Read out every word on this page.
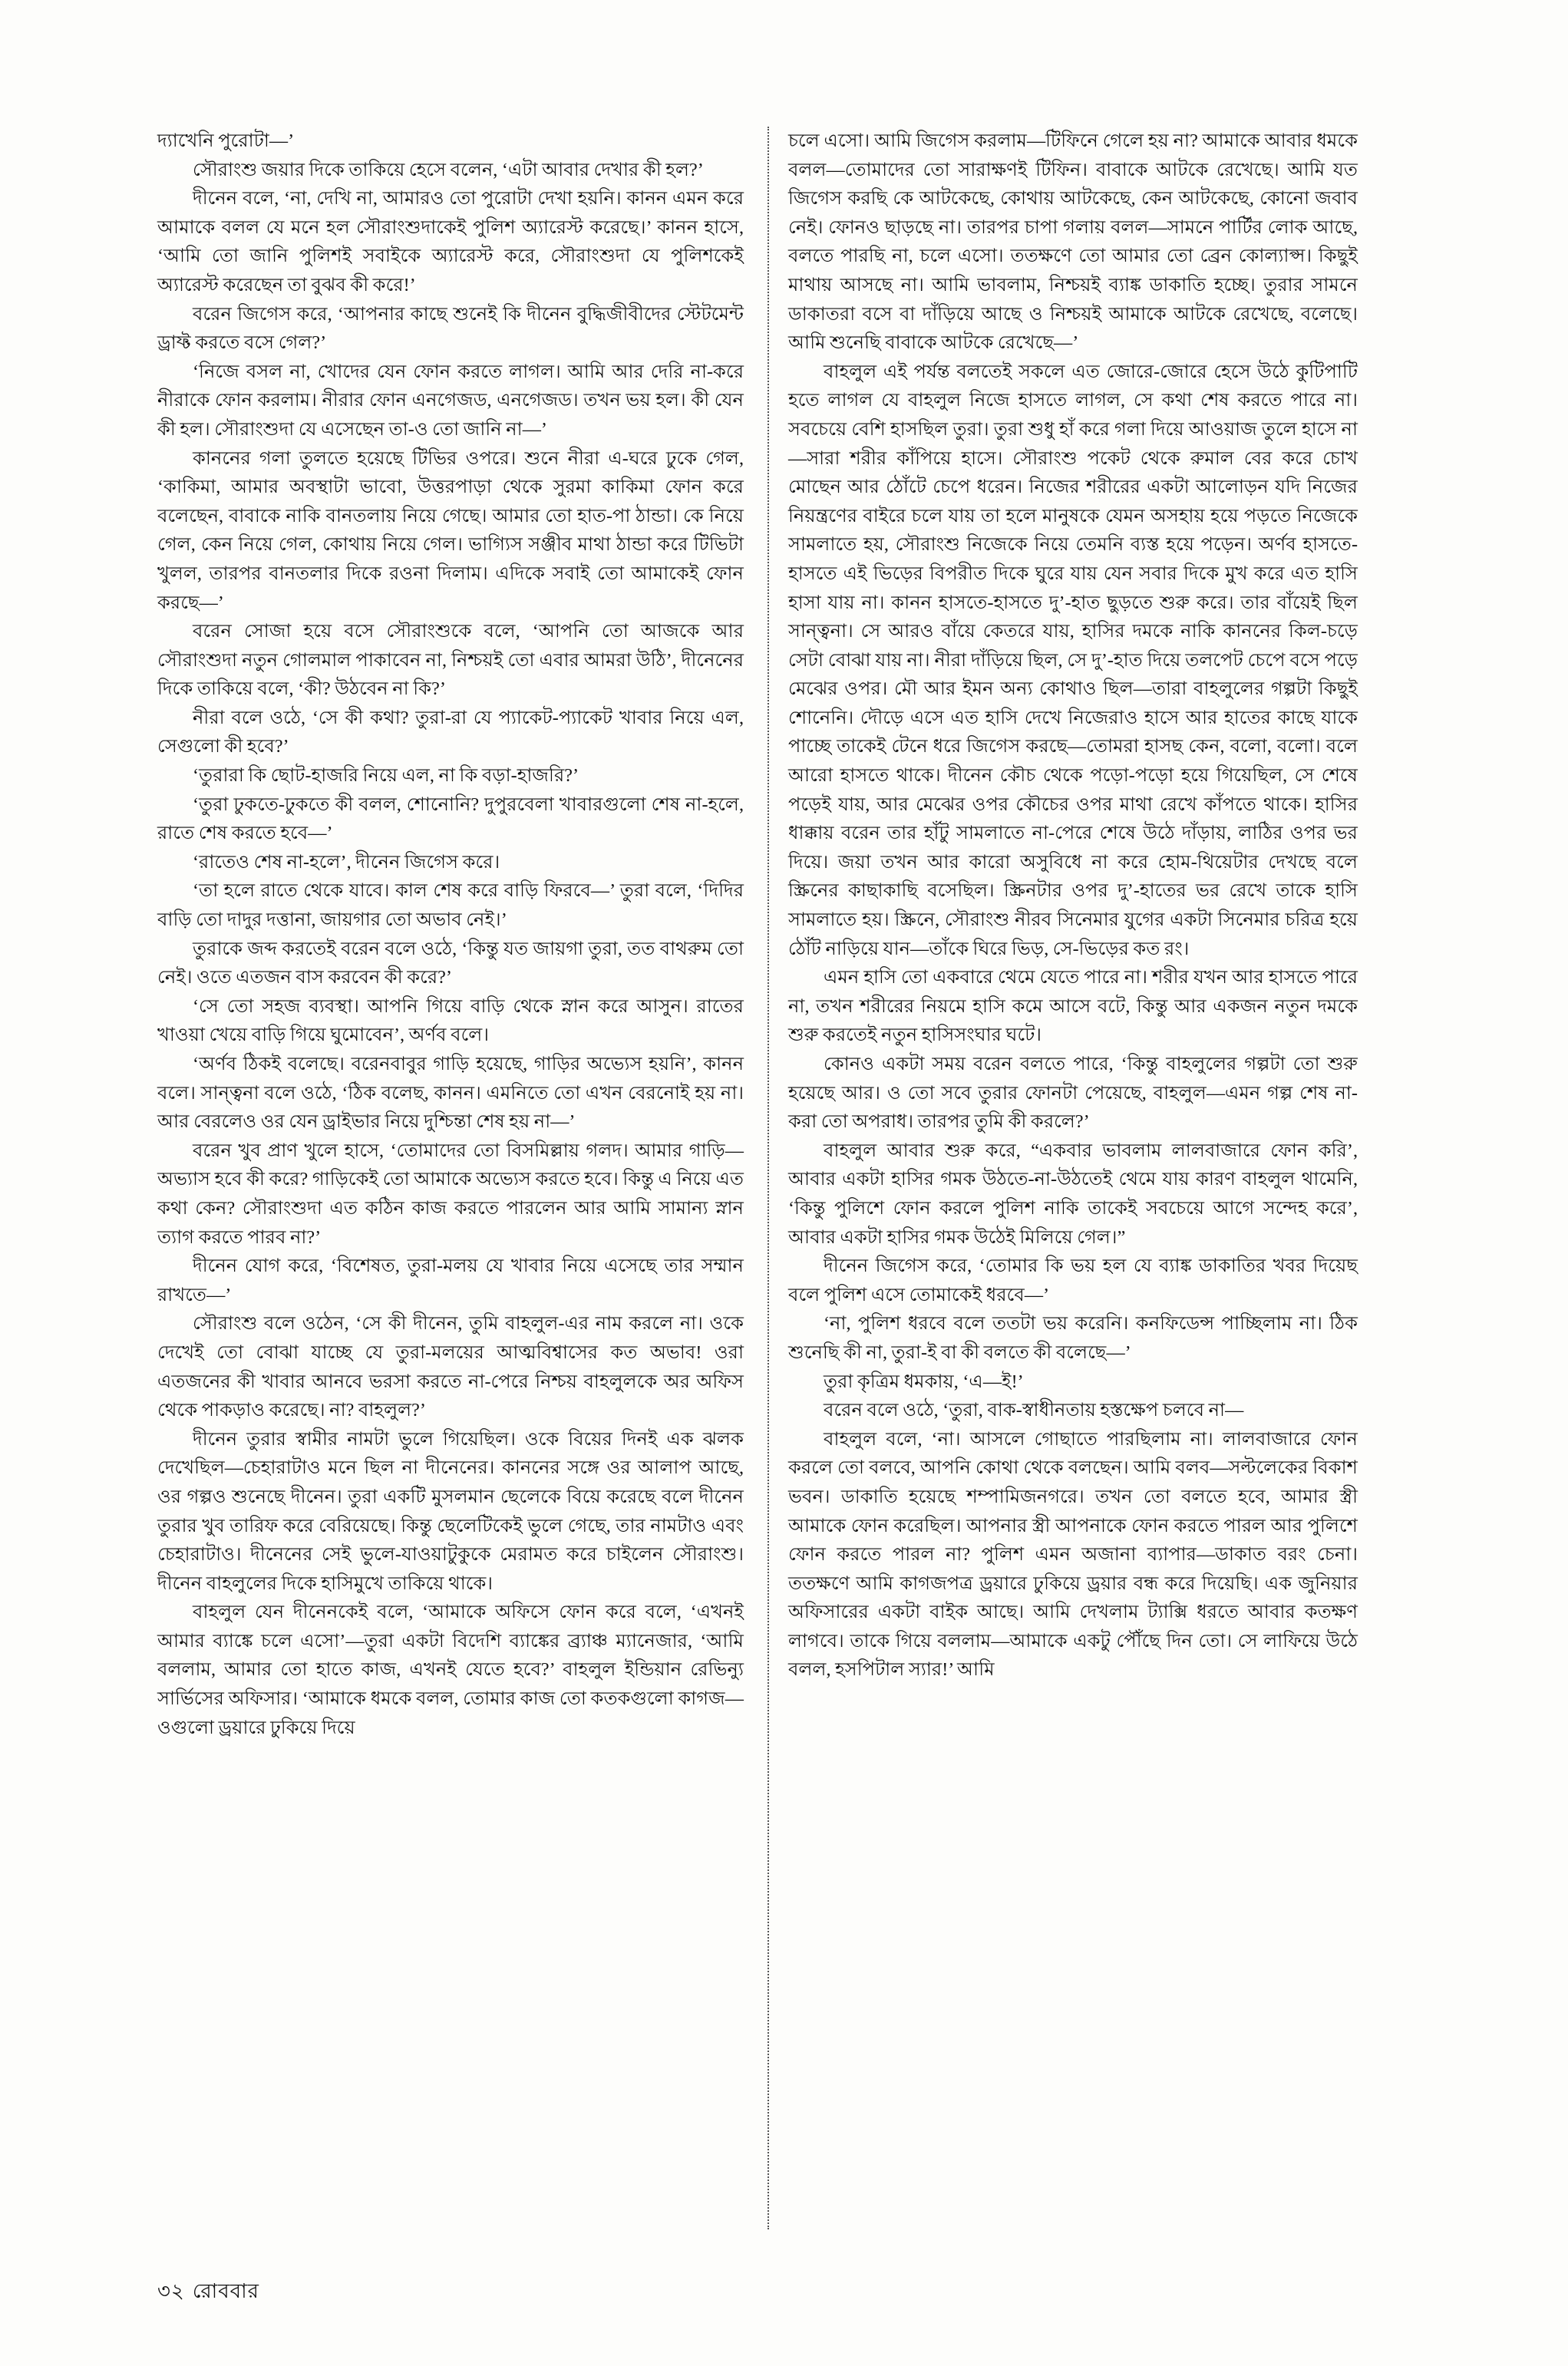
দ্যাখেনি পুরোটা—’

সৌরাংশু জয়ার দিকে তাকিয়ে হেসে বলেন, ‘এটা আবার দেখার কী হল?’

দীনেন বলে, ‘না, দেখি না, আমারও তো পুরোটা দেখা হয়নি। কানন এমন করে আমাকে বলল যে মনে হল সৌরাংশুদাকেই পুলিশ অ্যারেস্ট করেছে।’ কানন হাসে, ‘আমি তো জানি পুলিশই সবাইকে অ্যারেস্ট করে, সৌরাংশুদা যে পুলিশকেই অ্যারেস্ট করেছেন তা বুঝব কী করে!’

বরেন জিগেস করে, ‘আপনার কাছে শুনেই কি দীনেন বুদ্ধিজীবীদের স্টেটমেন্ট ড্রাফ্ট করতে বসে গেল?’

‘নিজে বসল না, খোদের যেন ফোন করতে লাগল। আমি আর দেরি না-করে নীরাকে ফোন করলাম। নীরার ফোন এনগেজড, এনগেজড। তখন ভয় হল। কী যেন কী হল। সৌরাংশুদা যে এসেছেন তা-ও তো জানি না—’

কাননের গলা তুলতে হয়েছে টিভির ওপরে। শুনে নীরা এ-ঘরে ঢুকে গেল, ‘কাকিমা, আমার অবস্থাটা ভাবো, উত্তরপাড়া থেকে সুরমা কাকিমা ফোন করে বলেছেন, বাবাকে নাকি বানতলায় নিয়ে গেছে। আমার তো হাত-পা ঠান্ডা। কে নিয়ে গেল, কেন নিয়ে গেল, কোথায় নিয়ে গেল। ভাগ্যিস সঞ্জীব মাথা ঠান্ডা করে টিভিটা খুলল, তারপর বানতলার দিকে রওনা দিলাম। এদিকে সবাই তো আমাকেই ফোন করছে—’

বরেন সোজা হয়ে বসে সৌরাংশুকে বলে, ‘আপনি তো আজকে আর সৌরাংশুদা নতুন গোলমাল পাকাবেন না, নিশ্চয়ই তো এবার আমরা উঠি’, দীনেনের দিকে তাকিয়ে বলে, ‘কী? উঠবেন না কি?’

নীরা বলে ওঠে, ‘সে কী কথা? তুরা-রা যে প্যাকেট-প্যাকেট খাবার নিয়ে এল, সেগুলো কী হবে?’

‘তুরারা কি ছোট-হাজরি নিয়ে এল, না কি বড়া-হাজরি?’

‘তুরা ঢুকতে-ঢুকতে কী বলল, শোনোনি? দুপুরবেলা খাবারগুলো শেষ না-হলে, রাতে শেষ করতে হবে—’

‘রাতেও শেষ না-হলে’, দীনেন জিগেস করে।

‘তা হলে রাতে থেকে যাবে। কাল শেষ করে বাড়ি ফিরবে—’ তুরা বলে, ‘দিদির বাড়ি তো দাদুর দত্তানা, জায়গার তো অভাব নেই।’

তুরাকে জব্দ করতেই বরেন বলে ওঠে, ‘কিন্তু যত জায়গা তুরা, তত বাথরুম তো নেই। ওতে এতজন বাস করবেন কী করে?’

‘সে তো সহজ ব্যবস্থা। আপনি গিয়ে বাড়ি থেকে স্নান করে আসুন। রাতের খাওয়া খেয়ে বাড়ি গিয়ে ঘুমোবেন’, অর্ণব বলে।

‘অর্ণব ঠিকই বলেছে। বরেনবাবুর গাড়ি হয়েছে, গাড়ির অভ্যেস হয়নি’, কানন বলে। সান্ত্বনা বলে ওঠে, ‘ঠিক বলেছ, কানন। এমনিতে তো এখন বেরনোই হয় না। আর বেরলেও ওর যেন ড্রাইভার নিয়ে দুশ্চিন্তা শেষ হয় না—’

বরেন খুব প্রাণ খুলে হাসে, ‘তোমাদের তো বিসমিল্লায় গলদ। আমার গাড়ি—অভ্যাস হবে কী করে? গাড়িকেই তো আমাকে অভ্যেস করতে হবে। কিন্তু এ নিয়ে এত কথা কেন? সৌরাংশুদা এত কঠিন কাজ করতে পারলেন আর আমি সামান্য স্নান ত্যাগ করতে পারব না?’

দীনেন যোগ করে, ‘বিশেষত, তুরা-মলয় যে খাবার নিয়ে এসেছে তার সম্মান রাখতে—’

সৌরাংশু বলে ওঠেন, ‘সে কী দীনেন, তুমি বাহলুল-এর নাম করলে না। ওকে দেখেই তো বোঝা যাচ্ছে যে তুরা-মলয়ের আত্মবিশ্বাসের কত অভাব! ওরা এতজনের কী খাবার আনবে ভরসা করতে না-পেরে নিশ্চয় বাহলুলকে অর অফিস থেকে পাকড়াও করেছে। না? বাহলুল?’

দীনেন তুরার স্বামীর নামটা ভুলে গিয়েছিল। ওকে বিয়ের দিনই এক ঝলক দেখেছিল—চেহারাটাও মনে ছিল না দীনেনের। কাননের সঙ্গে ওর আলাপ আছে, ওর গল্পও শুনেছে দীনেন। তুরা একটি মুসলমান ছেলেকে বিয়ে করেছে বলে দীনেন তুরার খুব তারিফ করে বেরিয়েছে। কিন্তু ছেলেটিকেই ভুলে গেছে, তার নামটাও এবং চেহারাটাও। দীনেনের সেই ভুলে-যাওয়াটুকুকে মেরামত করে চাইলেন সৌরাংশু। দীনেন বাহলুলের দিকে হাসিমুখে তাকিয়ে থাকে।

বাহলুল যেন দীনেনকেই বলে, ‘আমাকে অফিসে ফোন করে বলে, ‘এখনই আমার ব্যাঙ্কে চলে এসো’—তুরা একটা বিদেশি ব্যাঙ্কের ব্র্যাঞ্চ ম্যানেজার, ‘আমি বললাম, আমার তো হাতে কাজ, এখনই যেতে হবে?’ বাহলুল ইন্ডিয়ান রেভিন্যু সার্ভিসের অফিসার। ‘আমাকে ধমকে বলল, তোমার কাজ তো কতকগুলো কাগজ—ওগুলো ড্রয়ারে ঢুকিয়ে দিয়ে

চলে এসো। আমি জিগেস করলাম—টিফিনে গেলে হয় না? আমাকে আবার ধমকে বলল—তোমাদের তো সারাক্ষণই টিফিন। বাবাকে আটকে রেখেছে। আমি যত জিগেস করছি কে আটকেছে, কোথায় আটকেছে, কেন আটকেছে, কোনো জবাব নেই। ফোনও ছাড়ছে না। তারপর চাপা গলায় বলল—সামনে পার্টির লোক আছে, বলতে পারছি না, চলে এসো। ততক্ষণে তো আমার তো ব্রেন কোল্যাপ্স। কিছুই মাথায় আসছে না। আমি ভাবলাম, নিশ্চয়ই ব্যাঙ্ক ডাকাতি হচ্ছে। তুরার সামনে ডাকাতরা বসে বা দাঁড়িয়ে আছে ও নিশ্চয়ই আমাকে আটকে রেখেছে, বলেছে। আমি শুনেছি বাবাকে আটকে রেখেছে—’

বাহলুল এই পর্যন্ত বলতেই সকলে এত জোরে-জোরে হেসে উঠে কুটিপাটি হতে লাগল যে বাহলুল নিজে হাসতে লাগল, সে কথা শেষ করতে পারে না। সবচেয়ে বেশি হাসছিল তুরা। তুরা শুধু হাঁ করে গলা দিয়ে আওয়াজ তুলে হাসে না—সারা শরীর কাঁপিয়ে হাসে। সৌরাংশু পকেট থেকে রুমাল বের করে চোখ মোছেন আর ঠোঁটে চেপে ধরেন। নিজের শরীরের একটা আলোড়ন যদি নিজের নিয়ন্ত্রণের বাইরে চলে যায় তা হলে মানুষকে যেমন অসহায় হয়ে পড়তে নিজেকে সামলাতে হয়, সৌরাংশু নিজেকে নিয়ে তেমনি ব্যস্ত হয়ে পড়েন। অর্ণব হাসতে-হাসতে এই ভিড়ের বিপরীত দিকে ঘুরে যায় যেন সবার দিকে মুখ করে এত হাসি হাসা যায় না। কানন হাসতে-হাসতে দু’-হাত ছুড়তে শুরু করে। তার বাঁয়েই ছিল সান্ত্বনা। সে আরও বাঁয়ে কেতরে যায়, হাসির দমকে নাকি কাননের কিল-চড়ে সেটা বোঝা যায় না। নীরা দাঁড়িয়ে ছিল, সে দু’-হাত দিয়ে তলপেট চেপে বসে পড়ে মেঝের ওপর। মৌ আর ইমন অন্য কোথাও ছিল—তারা বাহলুলের গল্পটা কিছুই শোনেনি। দৌড়ে এসে এত হাসি দেখে নিজেরাও হাসে আর হাতের কাছে যাকে পাচ্ছে তাকেই টেনে ধরে জিগেস করছে—তোমরা হাসছ কেন, বলো, বলো। বলে আরো হাসতে থাকে। দীনেন কৌচ থেকে পড়ো-পড়ো হয়ে গিয়েছিল, সে শেষে পড়েই যায়, আর মেঝের ওপর কৌচের ওপর মাথা রেখে কাঁপতে থাকে। হাসির ধাক্কায় বরেন তার হাঁটু সামলাতে না-পেরে শেষে উঠে দাঁড়ায়, লাঠির ওপর ভর দিয়ে। জয়া তখন আর কারো অসুবিধে না করে হোম-থিয়েটার দেখছে বলে স্ক্রিনের কাছাকাছি বসেছিল। স্ক্রিনটার ওপর দু’-হাতের ভর রেখে তাকে হাসি সামলাতে হয়। স্ক্রিনে, সৌরাংশু নীরব সিনেমার যুগের একটা সিনেমার চরিত্র হয়ে ঠোঁট নাড়িয়ে যান—তাঁকে ঘিরে ভিড়, সে-ভিড়ের কত রং।

এমন হাসি তো একবারে থেমে যেতে পারে না। শরীর যখন আর হাসতে পারে না, তখন শরীরের নিয়মে হাসি কমে আসে বটে, কিন্তু আর একজন নতুন দমকে শুরু করতেই নতুন হাসিসংঘার ঘটে।

কোনও একটা সময় বরেন বলতে পারে, ‘কিন্তু বাহলুলের গল্পটা তো শুরু হয়েছে আর। ও তো সবে তুরার ফোনটা পেয়েছে, বাহলুল—এমন গল্প শেষ না-করা তো অপরাধ। তারপর তুমি কী করলে?’

বাহলুল আবার শুরু করে, “একবার ভাবলাম লালবাজারে ফোন করি’, আবার একটা হাসির গমক উঠতে-না-উঠতেই থেমে যায় কারণ বাহলুল থামেনি, ‘কিন্তু পুলিশে ফোন করলে পুলিশ নাকি তাকেই সবচেয়ে আগে সন্দেহ করে’, আবার একটা হাসির গমক উঠেই মিলিয়ে গেল।”

দীনেন জিগেস করে, ‘তোমার কি ভয় হল যে ব্যাঙ্ক ডাকাতির খবর দিয়েছ বলে পুলিশ এসে তোমাকেই ধরবে—’

‘না, পুলিশ ধরবে বলে ততটা ভয় করেনি। কনফিডেন্স পাচ্ছিলাম না। ঠিক শুনেছি কী না, তুরা-ই বা কী বলতে কী বলেছে—’

তুরা কৃত্রিম ধমকায়, ‘এ—ই!’

বরেন বলে ওঠে, ‘তুরা, বাক-স্বাধীনতায় হস্তক্ষেপ চলবে না—

বাহলুল বলে, ‘না। আসলে গোছাতে পারছিলাম না। লালবাজারে ফোন করলে তো বলবে, আপনি কোথা থেকে বলছেন। আমি বলব—সল্টলেকের বিকাশ ভবন। ডাকাতি হয়েছে শম্পামিজনগরে। তখন তো বলতে হবে, আমার স্ত্রী আমাকে ফোন করেছিল। আপনার স্ত্রী আপনাকে ফোন করতে পারল আর পুলিশে ফোন করতে পারল না? পুলিশ এমন অজানা ব্যাপার—ডাকাত বরং চেনা। ততক্ষণে আমি কাগজপত্র ড্রয়ারে ঢুকিয়ে ড্রয়ার বন্ধ করে দিয়েছি। এক জুনিয়ার অফিসারের একটা বাইক আছে। আমি দেখলাম ট্যাক্সি ধরতে আবার কতক্ষণ লাগবে। তাকে গিয়ে বললাম—আমাকে একটু পৌঁছে দিন তো। সে লাফিয়ে উঠে বলল, হসপিটাল স্যার!’ আমি

৩২ রোববার
